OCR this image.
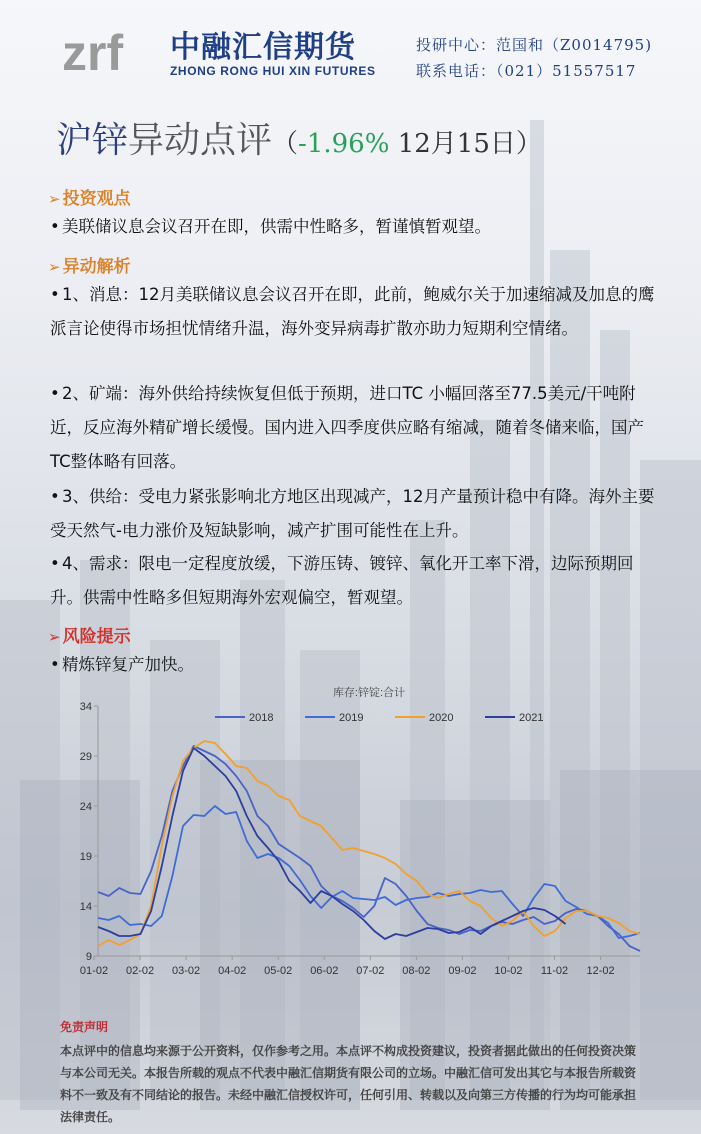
zrf 中融汇信期货
ZHONG RONG HUI XIN FUTURES
投研中心：范国和（Z0014795)
联系电话：（021）51557517
沪锌异动点评（-1.96% 12月15日）
➢ 投资观点
• 美联储议息会议召开在即，供需中性略多，暂谨慎暂观望。
➢ 异动解析
• 1、消息：12月美联储议息会议召开在即，此前，鲍威尔关于加速缩减及加息的鹰派言论使得市场担忧情绪升温，海外变异病毒扩散亦助力短期利空情绪。
• 2、矿端：海外供给持续恢复但低于预期，进口TC 小幅回落至77.5美元/干吨附近，反应海外精矿增长缓慢。国内进入四季度供应略有缩减，随着冬储来临，国产TC整体略有回落。
• 3、供给：受电力紧张影响北方地区出现减产，12月产量预计稳中有降。海外主要受天然气-电力涨价及短缺影响，减产扩围可能性在上升。
• 4、需求：限电一定程度放缓，下游压铸、镀锌、氧化开工率下滑，边际预期回升。供需中性略多但短期海外宏观偏空，暂观望。
➢ 风险提示
• 精炼锌复产加快。
库存:锌锭:合计
2018	2019	2020	2021
9
14
19
24
29
34
01-02 02-02 03-02 04-02 05-02 06-02 07-02 08-02 09-02 10-02 11-02 12-02
免责声明
本点评中的信息均来源于公开资料，仅作参考之用。本点评不构成投资建议，投资者据此做出的任何投资决策与本公司无关。本报告所载的观点不代表中融汇信期货有限公司的立场。中融汇信可发出其它与本报告所载资料不一致及有不同结论的报告。未经中融汇信授权许可，任何引用、转载以及向第三方传播的行为均可能承担法律责任。
